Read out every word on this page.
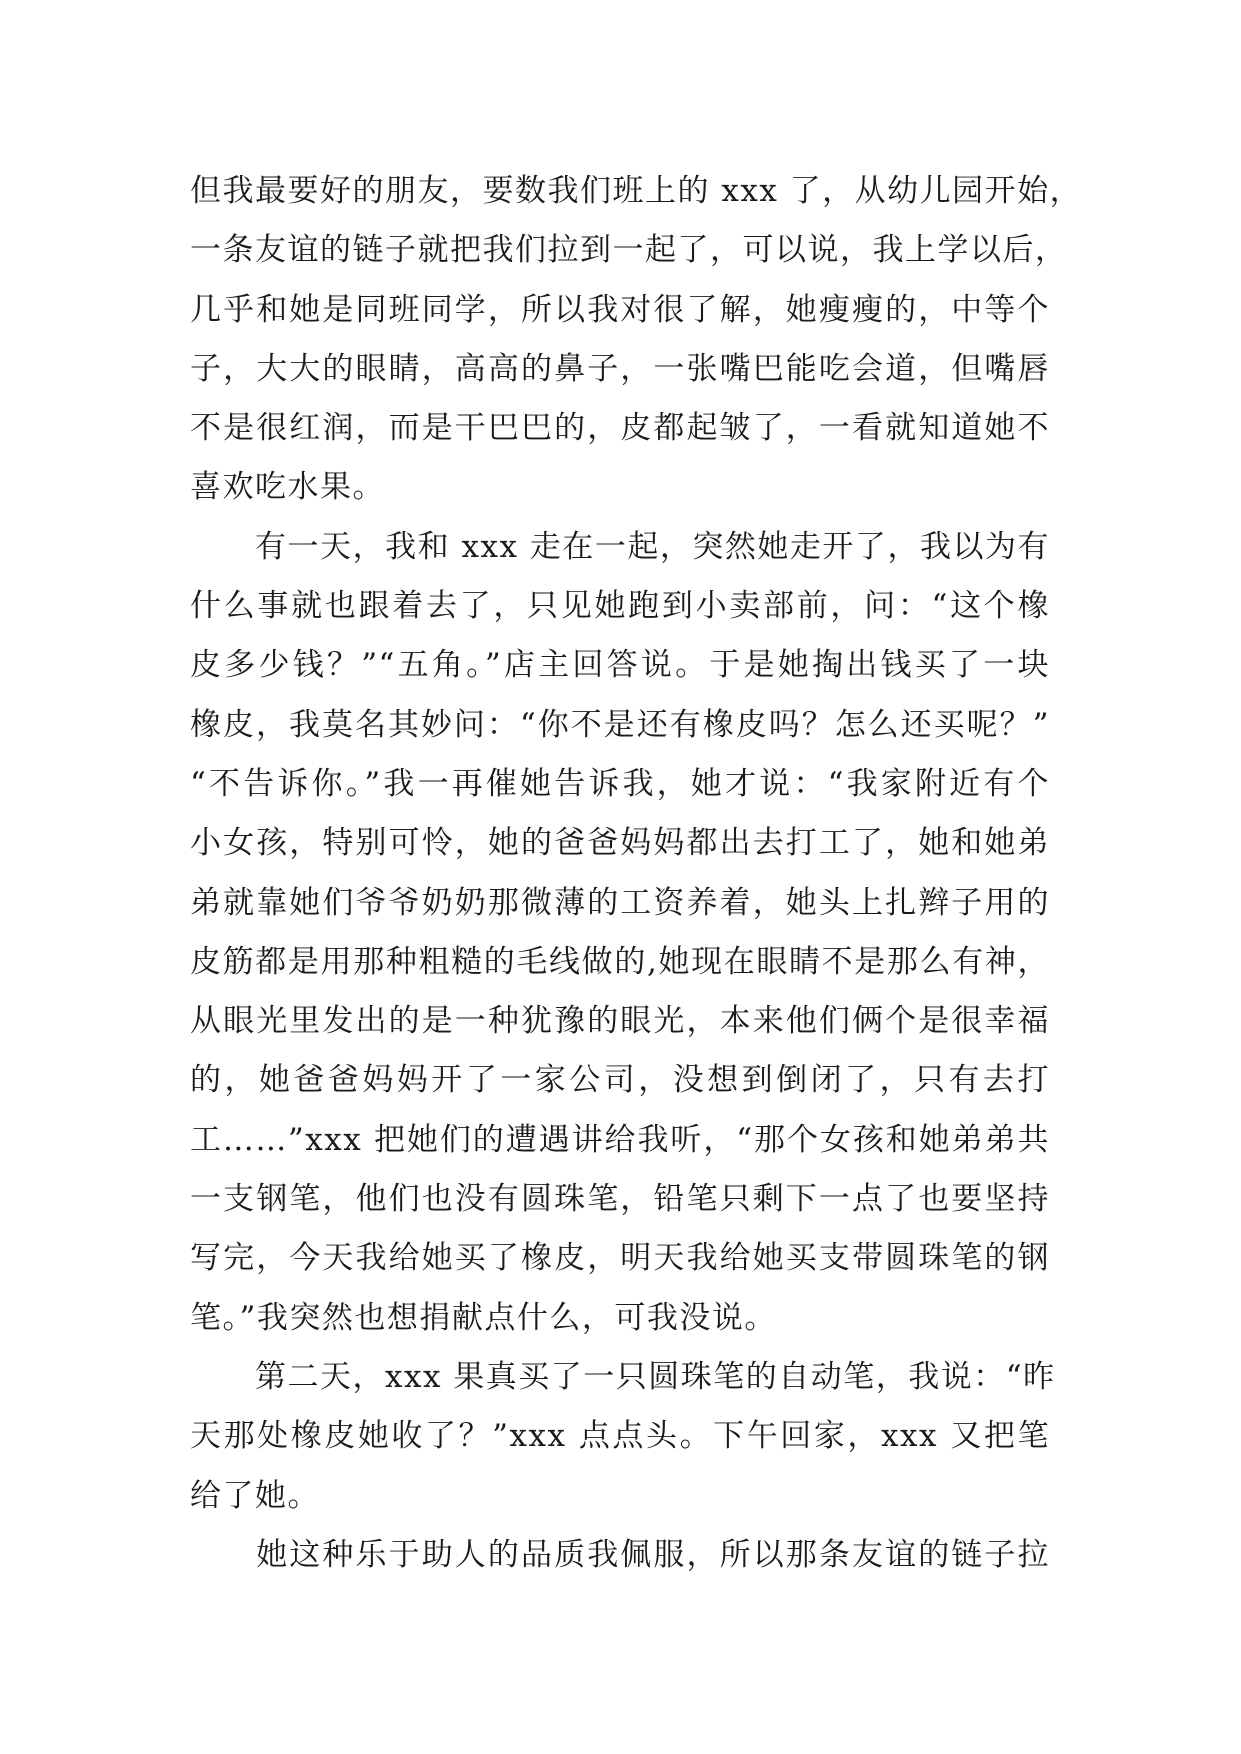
但我最要好的朋友，要数我们班上的 xxx 了，从幼儿园开始，
一条友谊的链子就把我们拉到一起了，可以说，我上学以后，
几乎和她是同班同学，所以我对很了解，她瘦瘦的，中等个
子，大大的眼睛，高高的鼻子，一张嘴巴能吃会道，但嘴唇
不是很红润，而是干巴巴的，皮都起皱了，一看就知道她不
喜欢吃水果。
　　有一天，我和 xxx 走在一起，突然她走开了，我以为有
什么事就也跟着去了，只见她跑到小卖部前，问：“这个橡
皮多少钱？”“五角。”店主回答说。于是她掏出钱买了一块
橡皮，我莫名其妙问：“你不是还有橡皮吗？怎么还买呢？”
“不告诉你。”我一再催她告诉我，她才说：“我家附近有个
小女孩，特别可怜，她的爸爸妈妈都出去打工了，她和她弟
弟就靠她们爷爷奶奶那微薄的工资养着，她头上扎辫子用的
皮筋都是用那种粗糙的毛线做的,她现在眼睛不是那么有神，
从眼光里发出的是一种犹豫的眼光，本来他们俩个是很幸福
的，她爸爸妈妈开了一家公司，没想到倒闭了，只有去打
工……”xxx 把她们的遭遇讲给我听，“那个女孩和她弟弟共
一支钢笔，他们也没有圆珠笔，铅笔只剩下一点了也要坚持
写完，今天我给她买了橡皮，明天我给她买支带圆珠笔的钢
笔。”我突然也想捐献点什么，可我没说。
　　第二天，xxx 果真买了一只圆珠笔的自动笔，我说：“昨
天那处橡皮她收了？”xxx 点点头。下午回家，xxx 又把笔
给了她。
　　她这种乐于助人的品质我佩服，所以那条友谊的链子拉
